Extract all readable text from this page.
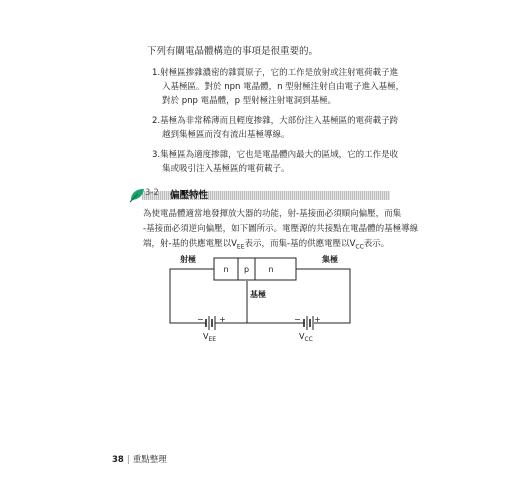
下列有關電晶體構造的事項是很重要的。
1.射極區掺雜濃密的雜質原子，它的工作是放射或注射電荷載子進
入基極區。對於 npn 電晶體，n 型射極注射自由電子進入基極，
對於 pnp 電晶體，p 型射極注射電洞到基極。
2.基極為非常稀薄而且輕度掺雜，大部份注入基極區的電荷載子跨
越到集極區而沒有流出基極導線。
3.集極區為適度掺雜，它也是電晶體內最大的區域，它的工作是收
集或吸引注入基極區的電荷載子。
3-2 偏壓特性
為使電晶體適當地發揮放大器的功能，射-基接面必須順向偏壓，而集
-基接面必須逆向偏壓，如下圖所示。電壓源的共接點在電晶體的基極導線
端，射-基的供應電壓以$V_{EE}$表示，而集-基的供應電壓以$V_{CC}$表示。
n p n
射極	集極
基極
− +
$V_{EE}$
− +
$V_{CC}$
38 | 重點整理
